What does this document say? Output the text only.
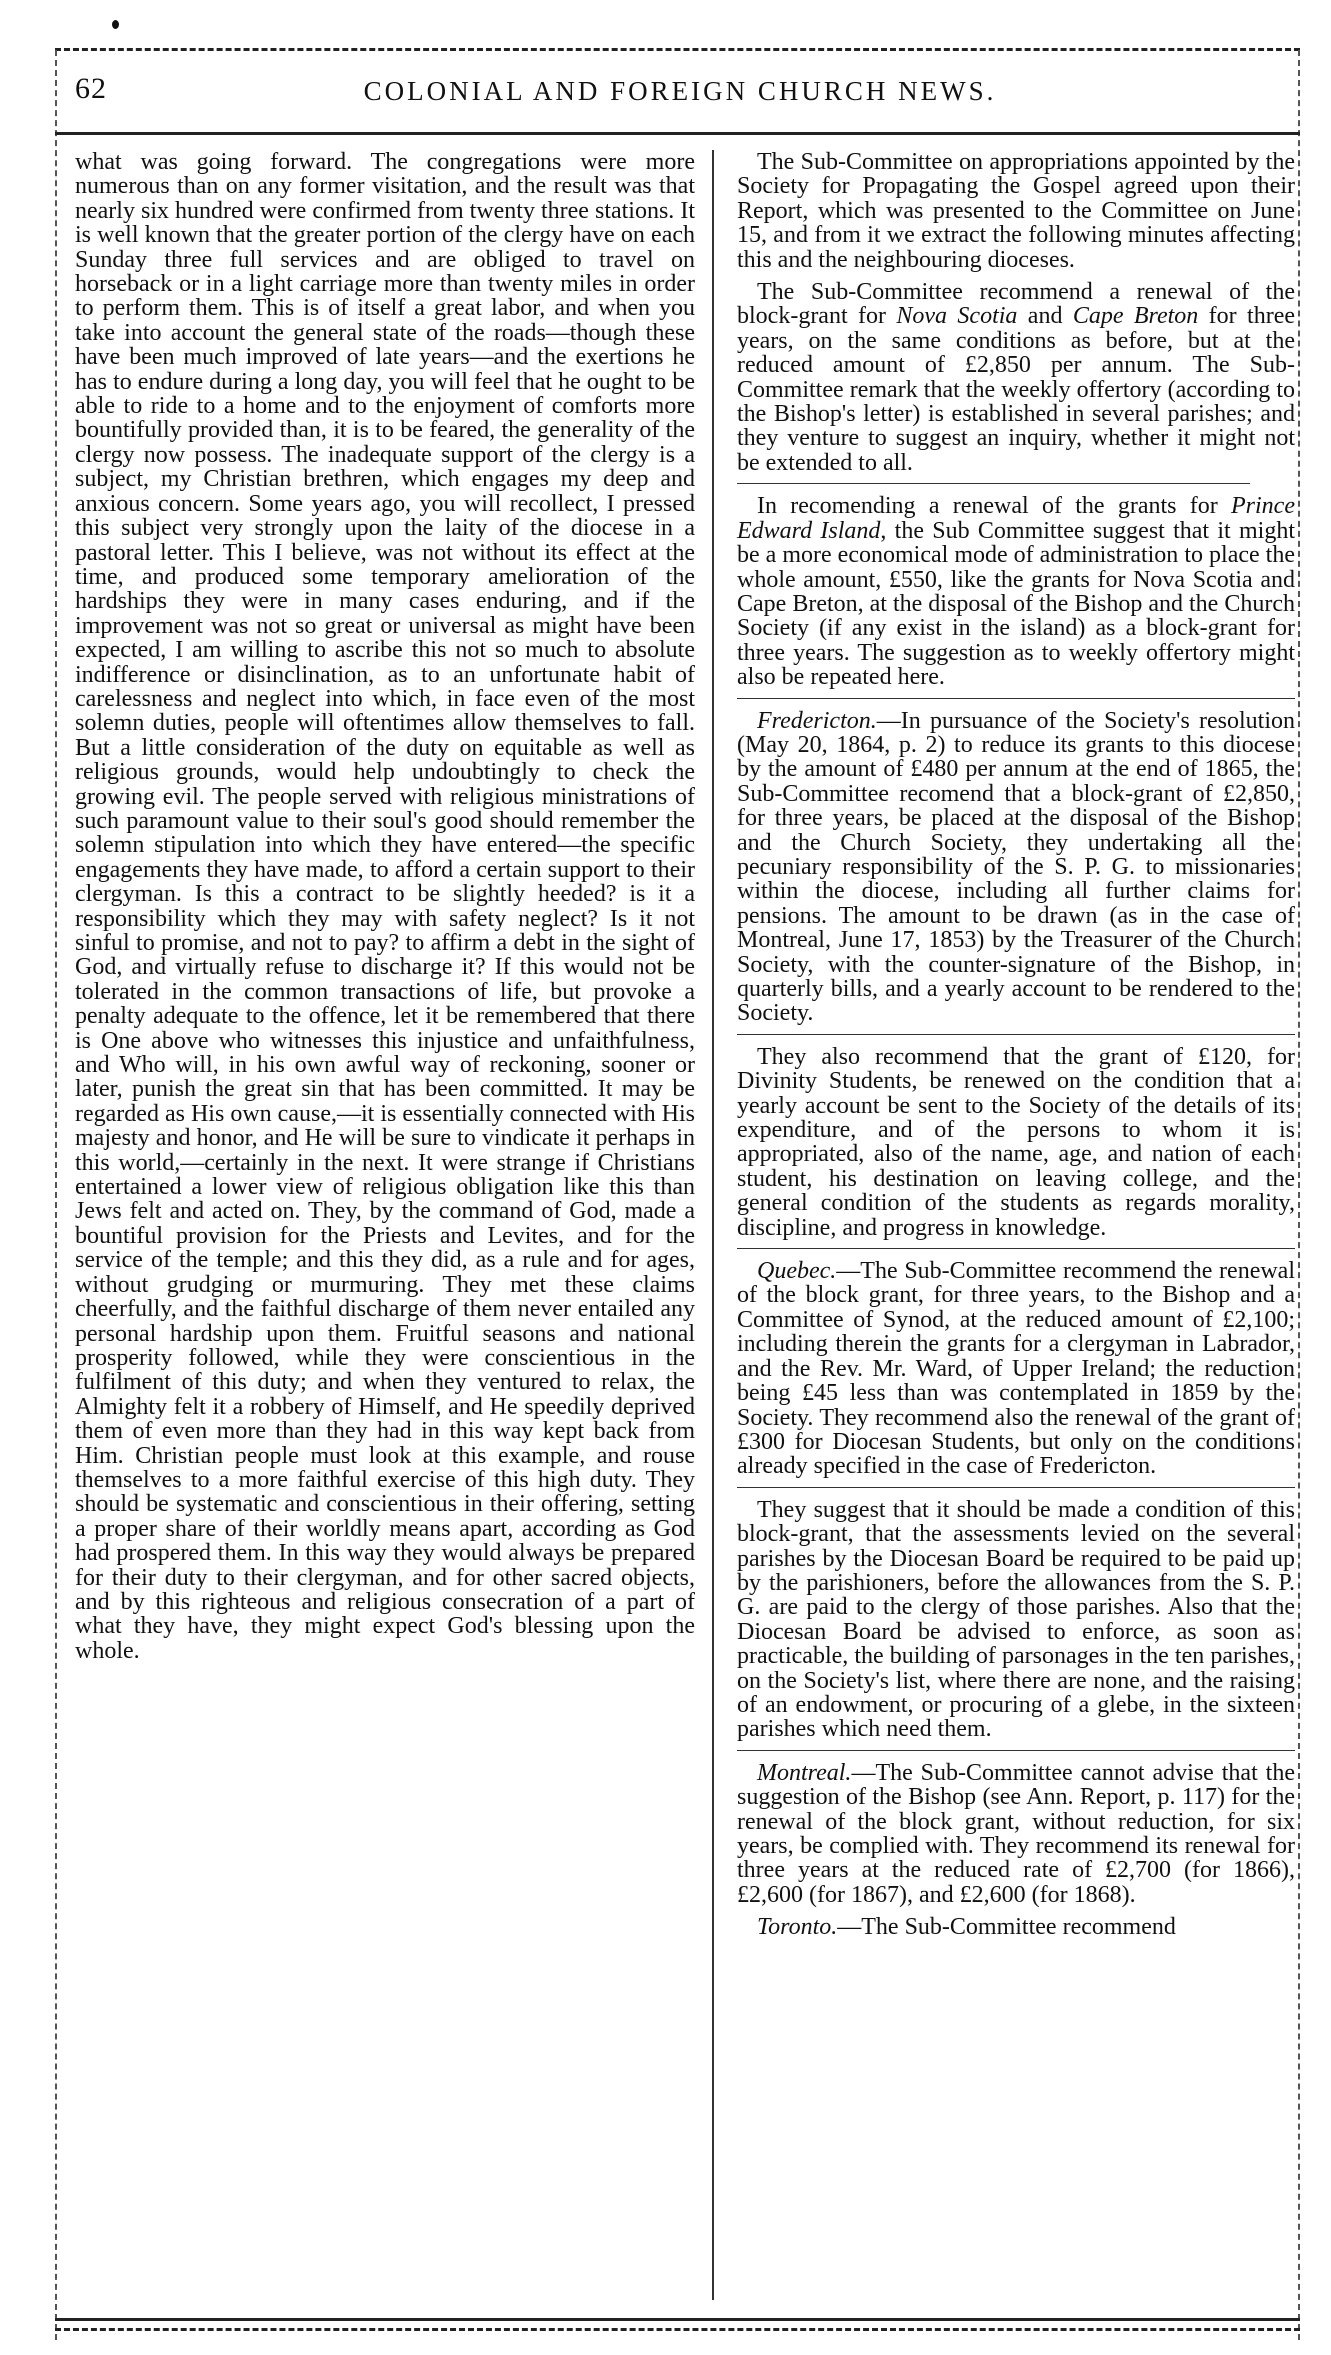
62	COLONIAL AND FOREIGN CHURCH NEWS.

what was going forward. The congregations were more numerous than on any former visitation, and the result was that nearly six hundred were confirmed from twenty three stations. It is well known that the greater portion of the clergy have on each Sunday three full services and are obliged to travel on horseback or in a light carriage more than twenty miles in order to perform them. This is of itself a great labor, and when you take into account the general state of the roads—though these have been much improved of late years—and the exertions he has to endure during a long day, you will feel that he ought to be able to ride to a home and to the enjoyment of comforts more bountifully provided than, it is to be feared, the generality of the clergy now possess. The inadequate support of the clergy is a subject, my Christian brethren, which engages my deep and anxious concern. Some years ago, you will recollect, I pressed this subject very strongly upon the laity of the diocese in a pastoral letter. This I believe, was not without its effect at the time, and produced some temporary amelioration of the hardships they were in many cases enduring, and if the improvement was not so great or universal as might have been expected, I am willing to ascribe this not so much to absolute indifference or disinclination, as to an unfortunate habit of carelessness and neglect into which, in face even of the most solemn duties, people will oftentimes allow themselves to fall. But a little consideration of the duty on equitable as well as religious grounds, would help undoubtingly to check the growing evil. The people served with religious ministrations of such paramount value to their soul's good should remember the solemn stipulation into which they have entered—the specific engagements they have made, to afford a certain support to their clergyman. Is this a contract to be slightly heeded? is it a responsibility which they may with safety neglect? Is it not sinful to promise, and not to pay? to affirm a debt in the sight of God, and virtually refuse to discharge it? If this would not be tolerated in the common transactions of life, but provoke a penalty adequate to the offence, let it be remembered that there is One above who witnesses this injustice and unfaithfulness, and Who will, in his own awful way of reckoning, sooner or later, punish the great sin that has been committed. It may be regarded as His own cause,—it is essentially connected with His majesty and honor, and He will be sure to vindicate it perhaps in this world,—certainly in the next. It were strange if Christians entertained a lower view of religious obligation like this than Jews felt and acted on. They, by the command of God, made a bountiful provision for the Priests and Levites, and for the service of the temple; and this they did, as a rule and for ages, without grudging or murmuring. They met these claims cheerfully, and the faithful discharge of them never entailed any personal hardship upon them. Fruitful seasons and national prosperity followed, while they were conscientious in the fulfilment of this duty; and when they ventured to relax, the Almighty felt it a robbery of Himself, and He speedily deprived them of even more than they had in this way kept back from Him. Christian people must look at this example, and rouse themselves to a more faithful exercise of this high duty. They should be systematic and conscientious in their offering, setting a proper share of their worldly means apart, according as God had prospered them. In this way they would always be prepared for their duty to their clergyman, and for other sacred objects, and by this righteous and religious consecration of a part of what they have, they might expect God's blessing upon the whole.

The Sub-Committee on appropriations appointed by the Society for Propagating the Gospel agreed upon their Report, which was presented to the Committee on June 15, and from it we extract the following minutes affecting this and the neighbouring dioceses.

The Sub-Committee recommend a renewal of the block-grant for Nova Scotia and Cape Breton for three years, on the same conditions as before, but at the reduced amount of £2,850 per annum. The Sub-Committee remark that the weekly offertory (according to the Bishop's letter) is established in several parishes; and they venture to suggest an inquiry, whether it might not be extended to all.

In recomending a renewal of the grants for Prince Edward Island, the Sub Committee suggest that it might be a more economical mode of administration to place the whole amount, £550, like the grants for Nova Scotia and Cape Breton, at the disposal of the Bishop and the Church Society (if any exist in the island) as a block-grant for three years. The suggestion as to weekly offertory might also be repeated here.

Fredericton.—In pursuance of the Society's resolution (May 20, 1864, p. 2) to reduce its grants to this diocese by the amount of £480 per annum at the end of 1865, the Sub-Committee recomend that a block-grant of £2,850, for three years, be placed at the disposal of the Bishop and the Church Society, they undertaking all the pecuniary responsibility of the S. P. G. to missionaries within the diocese, including all further claims for pensions. The amount to be drawn (as in the case of Montreal, June 17, 1853) by the Treasurer of the Church Society, with the counter-signature of the Bishop, in quarterly bills, and a yearly account to be rendered to the Society.

They also recommend that the grant of £120, for Divinity Students, be renewed on the condition that a yearly account be sent to the Society of the details of its expenditure, and of the persons to whom it is appropriated, also of the name, age, and nation of each student, his destination on leaving college, and the general condition of the students as regards morality, discipline, and progress in knowledge.

Quebec.—The Sub-Committee recommend the renewal of the block grant, for three years, to the Bishop and a Committee of Synod, at the reduced amount of £2,100; including therein the grants for a clergyman in Labrador, and the Rev. Mr. Ward, of Upper Ireland; the reduction being £45 less than was contemplated in 1859 by the Society. They recommend also the renewal of the grant of £300 for Diocesan Students, but only on the conditions already specified in the case of Fredericton.

They suggest that it should be made a condition of this block-grant, that the assessments levied on the several parishes by the Diocesan Board be required to be paid up by the parishioners, before the allowances from the S. P. G. are paid to the clergy of those parishes. Also that the Diocesan Board be advised to enforce, as soon as practicable, the building of parsonages in the ten parishes, on the Society's list, where there are none, and the raising of an endowment, or procuring of a glebe, in the sixteen parishes which need them.

Montreal.—The Sub-Committee cannot advise that the suggestion of the Bishop (see Ann. Report, p. 117) for the renewal of the block grant, without reduction, for six years, be complied with. They recommend its renewal for three years at the reduced rate of £2,700 (for 1866), £2,600 (for 1867), and £2,600 (for 1868).

Toronto.—The Sub-Committee recommend
